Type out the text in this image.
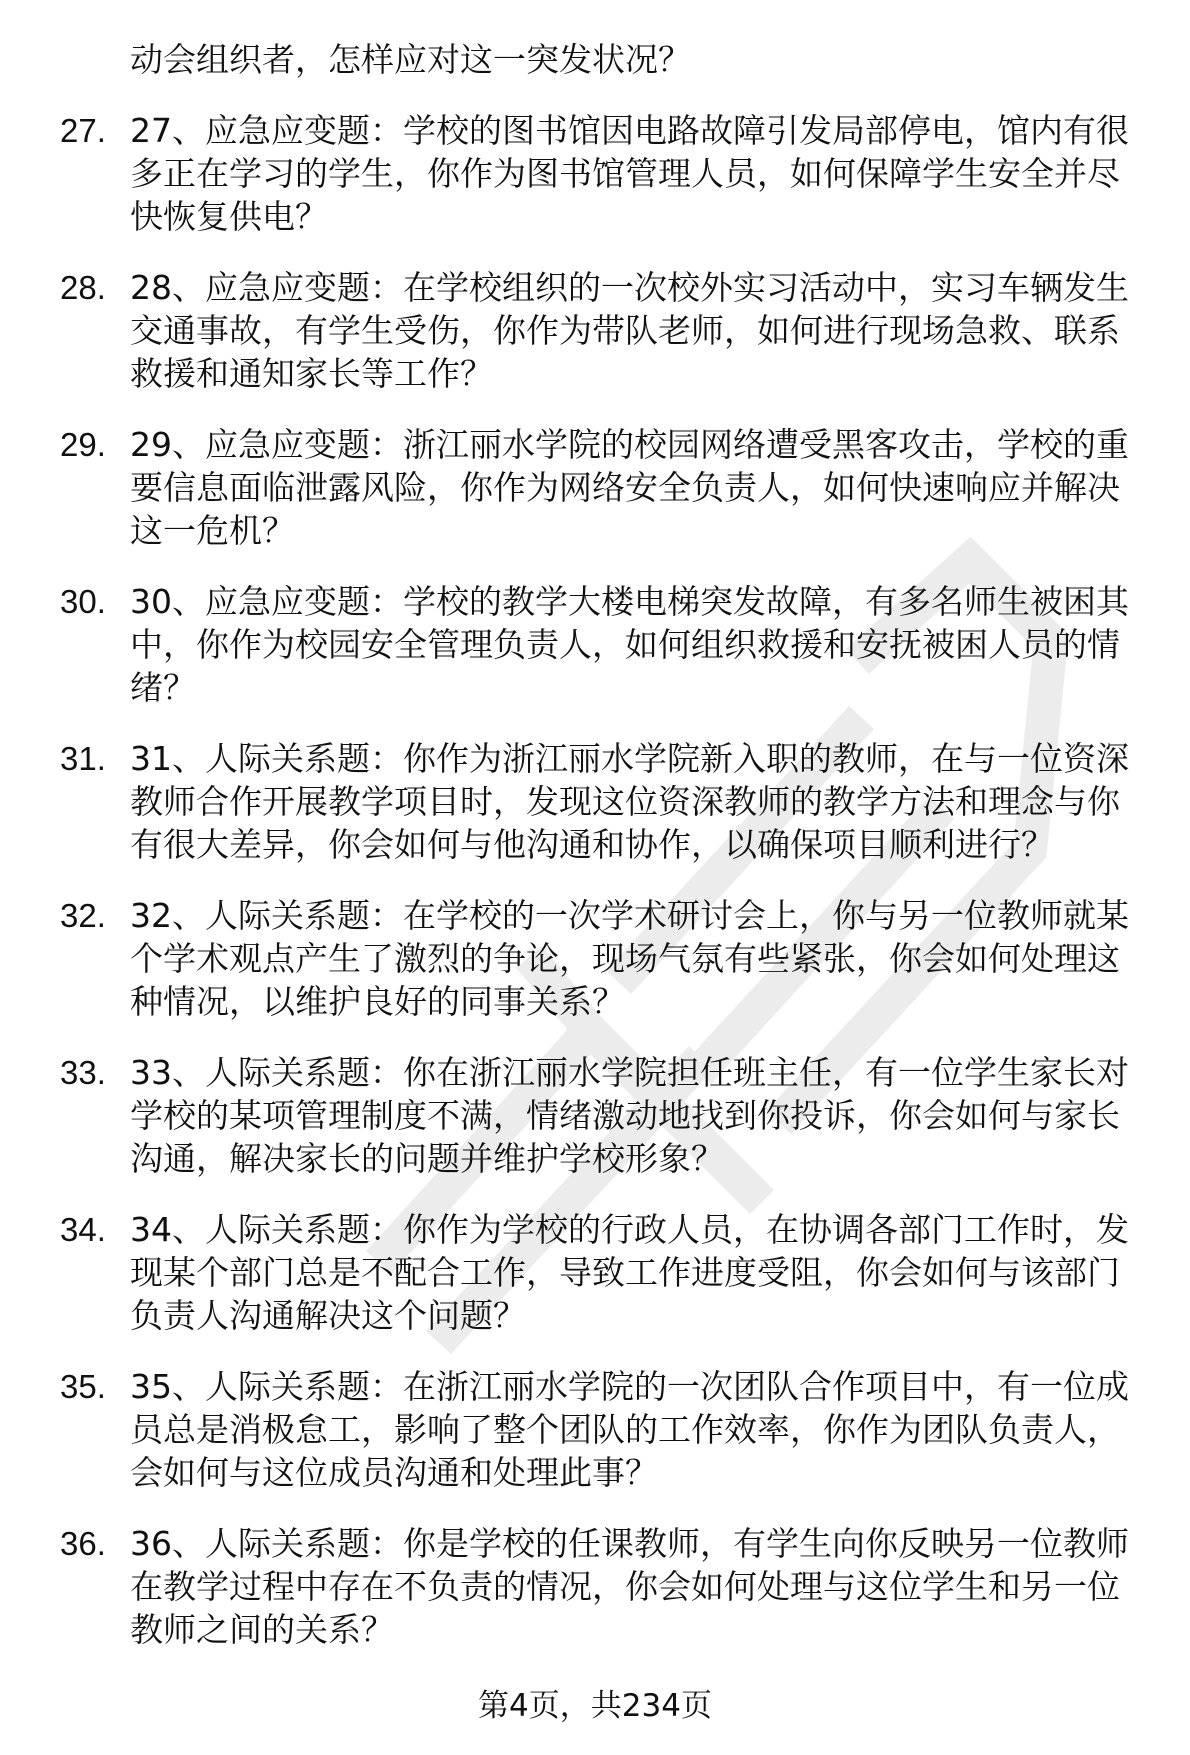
动会组织者，怎样应对这一突发状况？
27. 27、应急应变题：学校的图书馆因电路故障引发局部停电，馆内有很多正在学习的学生，你作为图书馆管理人员，如何保障学生安全并尽快恢复供电？
28. 28、应急应变题：在学校组织的一次校外实习活动中，实习车辆发生交通事故，有学生受伤，你作为带队老师，如何进行现场急救、联系救援和通知家长等工作？
29. 29、应急应变题：浙江丽水学院的校园网络遭受黑客攻击，学校的重要信息面临泄露风险，你作为网络安全负责人，如何快速响应并解决这一危机？
30. 30、应急应变题：学校的教学大楼电梯突发故障，有多名师生被困其中，你作为校园安全管理负责人，如何组织救援和安抚被困人员的情绪？
31. 31、人际关系题：你作为浙江丽水学院新入职的教师，在与一位资深教师合作开展教学项目时，发现这位资深教师的教学方法和理念与你有很大差异，你会如何与他沟通和协作，以确保项目顺利进行？
32. 32、人际关系题：在学校的一次学术研讨会上，你与另一位教师就某个学术观点产生了激烈的争论，现场气氛有些紧张，你会如何处理这种情况，以维护良好的同事关系？
33. 33、人际关系题：你在浙江丽水学院担任班主任，有一位学生家长对学校的某项管理制度不满，情绪激动地找到你投诉，你会如何与家长沟通，解决家长的问题并维护学校形象？
34. 34、人际关系题：你作为学校的行政人员，在协调各部门工作时，发现某个部门总是不配合工作，导致工作进度受阻，你会如何与该部门负责人沟通解决这个问题？
35. 35、人际关系题：在浙江丽水学院的一次团队合作项目中，有一位成员总是消极怠工，影响了整个团队的工作效率，你作为团队负责人，会如何与这位成员沟通和处理此事？
36. 36、人际关系题：你是学校的任课教师，有学生向你反映另一位教师在教学过程中存在不负责的情况，你会如何处理与这位学生和另一位教师之间的关系？
第4页，共234页
